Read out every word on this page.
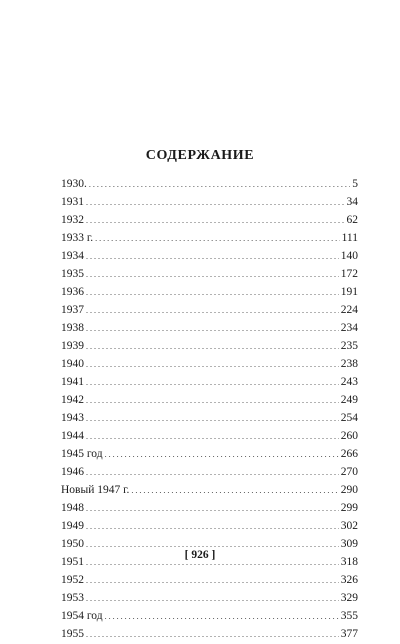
СОДЕРЖАНИЕ
1930. . . .	5
1931 . . .	34
1932 . . .	62
1933 г. . . .	111
1934 . . .	140
1935 . . .	172
1936 . . .	191
1937 . . .	224
1938 . . .	234
1939 . . .	235
1940 . . .	238
1941 . . .	243
1942 . . .	249
1943 . . .	254
1944 . . .	260
1945 год . . .	266
1946 . . .	270
Новый 1947 г. . . .	290
1948 . . .	299
1949 . . .	302
1950 . . .	309
1951 . . .	318
1952 . . .	326
1953 . . .	329
1954 год . . .	355
1955 . . .	377
[ 926 ]
